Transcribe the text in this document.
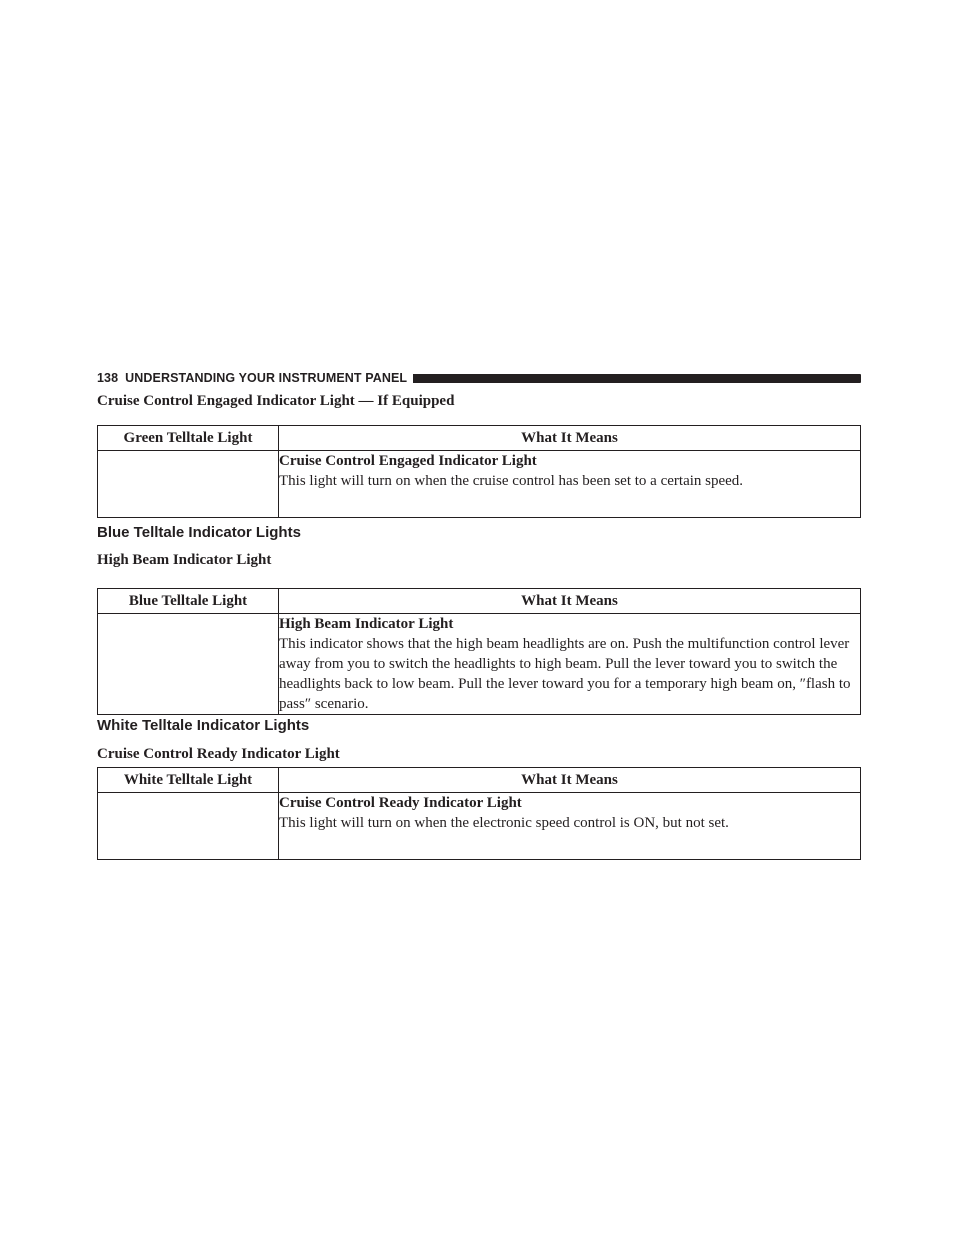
138 UNDERSTANDING YOUR INSTRUMENT PANEL
Cruise Control Engaged Indicator Light — If Equipped
Green Telltale Light	What It Means

	Cruise Control Engaged Indicator Light
This light will turn on when the cruise control has been set to a certain speed.
Blue Telltale Indicator Lights
High Beam Indicator Light
Blue Telltale Light	What It Means

	High Beam Indicator Light
This indicator shows that the high beam headlights are on. Push the multifunction control lever away from you to switch the headlights to high beam. Pull the lever toward you to switch the headlights back to low beam. Pull the lever toward you for a temporary high beam on, ″flash to pass″ scenario.
White Telltale Indicator Lights
Cruise Control Ready Indicator Light
White Telltale Light	What It Means

	Cruise Control Ready Indicator Light
This light will turn on when the electronic speed control is ON, but not set.
